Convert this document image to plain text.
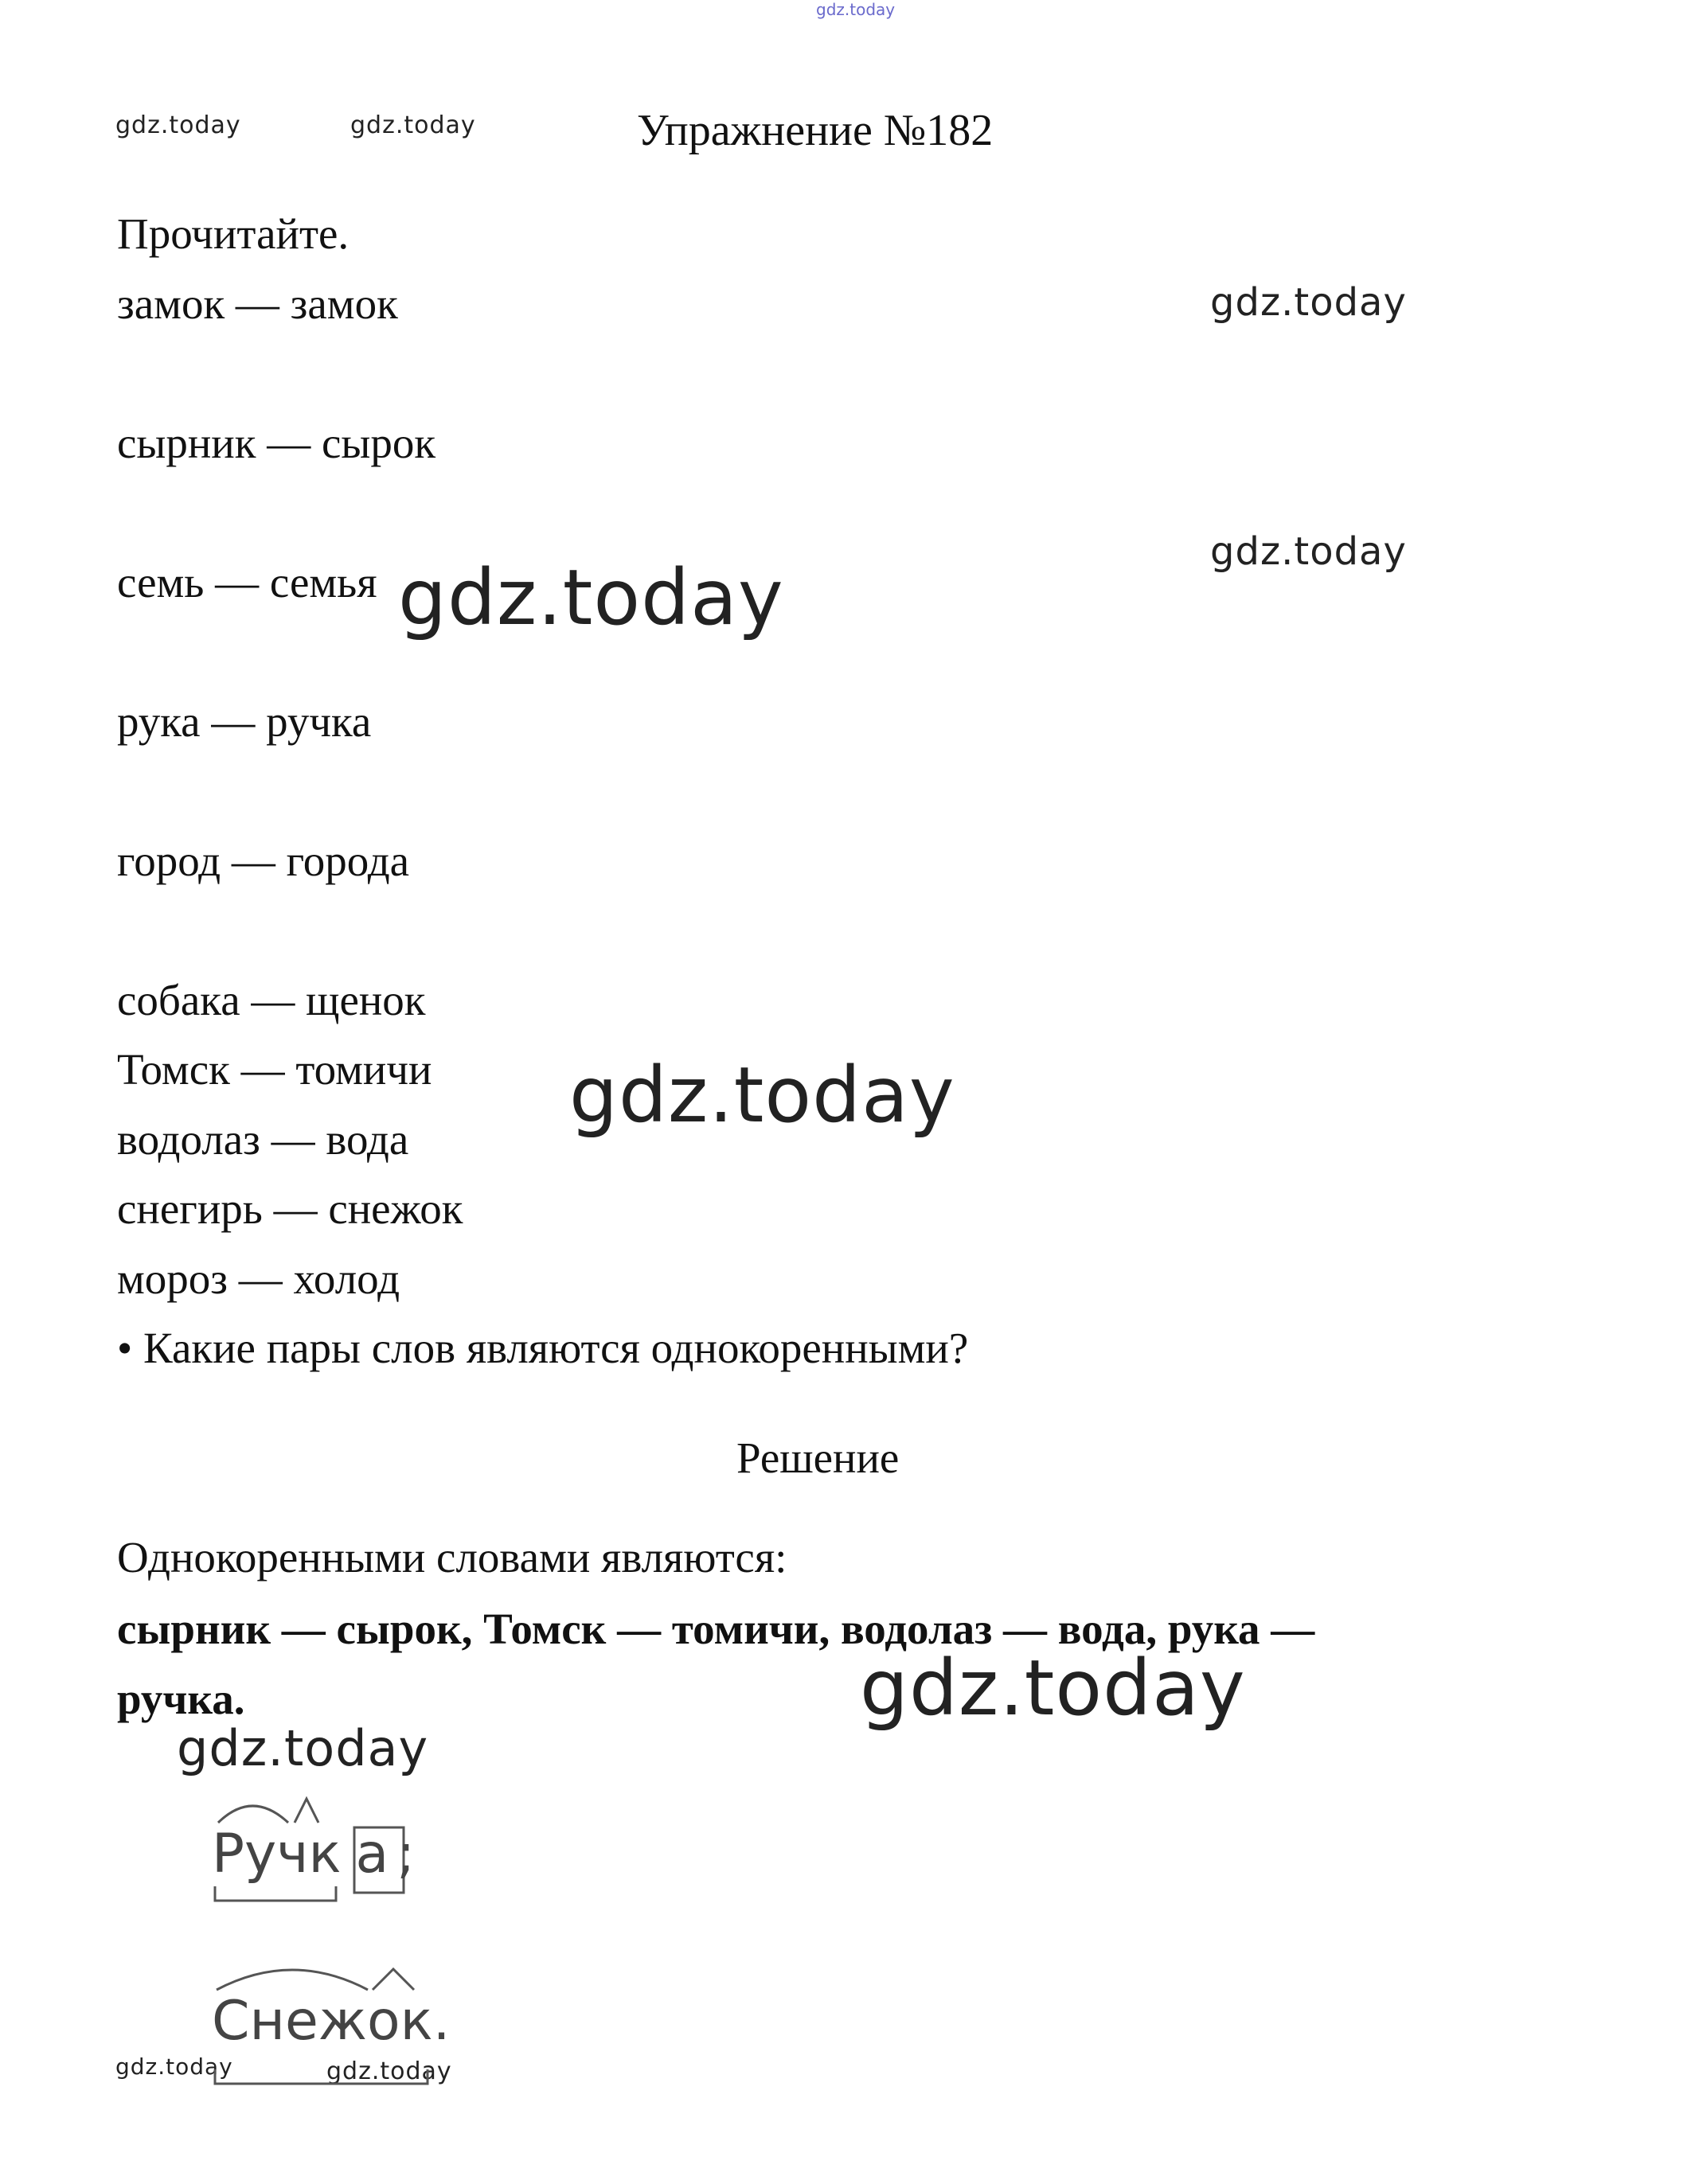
gdz.today
gdz.today	gdz.today
gdz.today
gdz.today
gdz.today
gdz.today
gdz.today
gdz.today
gdz.today	gdz.today
Упражнение №182
Прочитайте.
замок — замок
сырник — сырок
семь — семья
рука — ручка
город — города
собака — щенок
Томск — томичи
водолаз — вода
снегирь — снежок
мороз — холод
• Какие пары слов являются однокоренными?
Решение
Однокоренными словами являются:
сырник — сырок, Томск — томичи, водолаз — вода, рука —
ручка.
Ручк а ;
Снежок.
